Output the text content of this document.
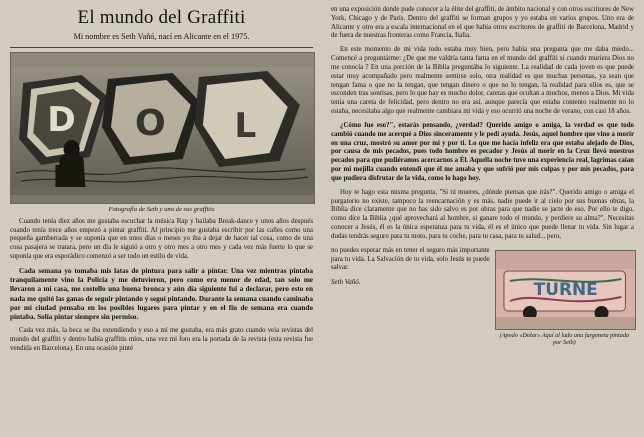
El mundo del Graffiti
Mi nombre es Seth Vañó, nací en Alicante en el 1975.
D O L
Fotografía de Seth y uno de sus graffitis

Cuando tenía diez años me gustaba escuchar la música Rap y bailaba Break-dance y unos años después cuando tenía trece años empezó a pintar graffiti. Al principio me gustaba escribir por las calles como una pequeña gamberrada y se suponía que en unos días o meses yo iba a dejar de hacer tal cosa, como de una cosa pasajera se tratara, pero un día le siguió a otro y otro mes a otro mes y cada vez más fuerte lo que se suponía que era esporádico comenzó a ser todo un estilo de vida.

Cada semana yo tomaba mis latas de pintura para salir a pintar. Una vez mientras pintaba tranquilamente vino la Policía y me detuvieron, pero como era menor de edad, tan solo me llevaron a mi casa, me costello una buena bronca y aún día siguiente fui a declarar, pero esto en nada me quitó las ganas de seguir pintando y seguí pintando. Durante la semana cuando caminaba por mi ciudad pensaba en los posibles lugares para pintar y en el fin de semana era cuando pintaba. Solía pintar siempre sin permiso.

Cada vez más, la beca se iba extendiendo y eso a mí me gustaba, era más grato cuando veía revistas del mundo del graffiti y dentro había graffitis míos, una vez mi foto era la portada de la revista (esta revista fue vendida en Barcelona). En una ocasión pinté

en una exposición donde pude conocer a la élite del graffiti, de ámbito nacional y con otros escritores de New York, Chicago y de París. Dentro del graffiti se forman grupos y yo estaba en varios grupos. Uno era de Alicante y otro era a escala internacional en el que había otros escritores de graffiti de Barcelona, Madrid y de fuera de nuestras fronteras como Francia, Italia.

En este momento de mi vida todo estaba muy bien, pero había una pregunta que me daba miedo... Comencé a preguntárme: ¿De que me valdría tanta fama en el mundo del graffiti si cuando muriera Dios no me conocía ? En una porción de la Biblia preguntába lo siguiente. La realidad de cada joven es que puede estar muy acompañado pero realmente sentirse solo, otra realidad es que muchas personas, ya sean que tengan fama o que no la tengan, que tengan dinero o que no lo tengan, la realidad para ellos es, que se esconden tras sonrisas, pero lo que hay es mucho dolor, caretas que ocultan a muchos, menos a Dios. Mi vida tenía una careta de felicidad, pero dentro no era así, aunque parecía que estaba contento realmente no lo estaba, necesitaba algo que realmente cambiara mi vida y eso ocurrió una noche de verano, con casi 18 años.

¿Cómo fue eso?", estarás pensando, ¿verdad? Querido amigo o amiga, la verdad es que todo cambió cuando me acerqué a Dios sinceramente y le pedí ayuda. Jesús, aquel hombre que vino a morir en una cruz, mostró su amor por mí y por ti. Lo que me hacía infeliz era que estaba alejado de Dios, por causa de mis pecados, pues todo hombre es pecador y Jesús al morir en la Cruz llevó nuestros pecados para que pudiéramos acercarnos a Él. Aquella noche tuve una experiencia real, lagrimas caían por mi mejilla cuando entendí que él me amaba y que sufrió por mis culpas y por mis pecados, para que pudiera disfrutar de la vida, como lo hago hoy.

Hoy te hago esta misma pregunta, "Si tú mueres, ¿dónde piensas que irás?". Querido amigo o amiga el purgatorio no existe, tampoco la reencarnación y es más, nadie puede ir al cielo por sus buenas obras, la Biblia dice claramente que no has sido salvo es por obras para que nadie se jacte de eso. Por ello te digo, como dice la Biblia ¿qué aprovechará al hombre, si ganare todo el mundo, y perdiere su alma?". Necesitas conocer a Jesús, él es la única esperanza para tu vida, él es el único que puede llenar tu vida. Sin lugar a dudas tendrás seguro para tu moto, para tu coche, para tu casa, para tu salud... pero,

TURNE
(Apodo «Dolar» Aquí al lado una furgoneta pintada por Seth)

no puedes esperar más en tener el seguro más importante para tu vida. La Salvación de tu vida, solo Jesús te puede salvar.

Seth Vañó.
